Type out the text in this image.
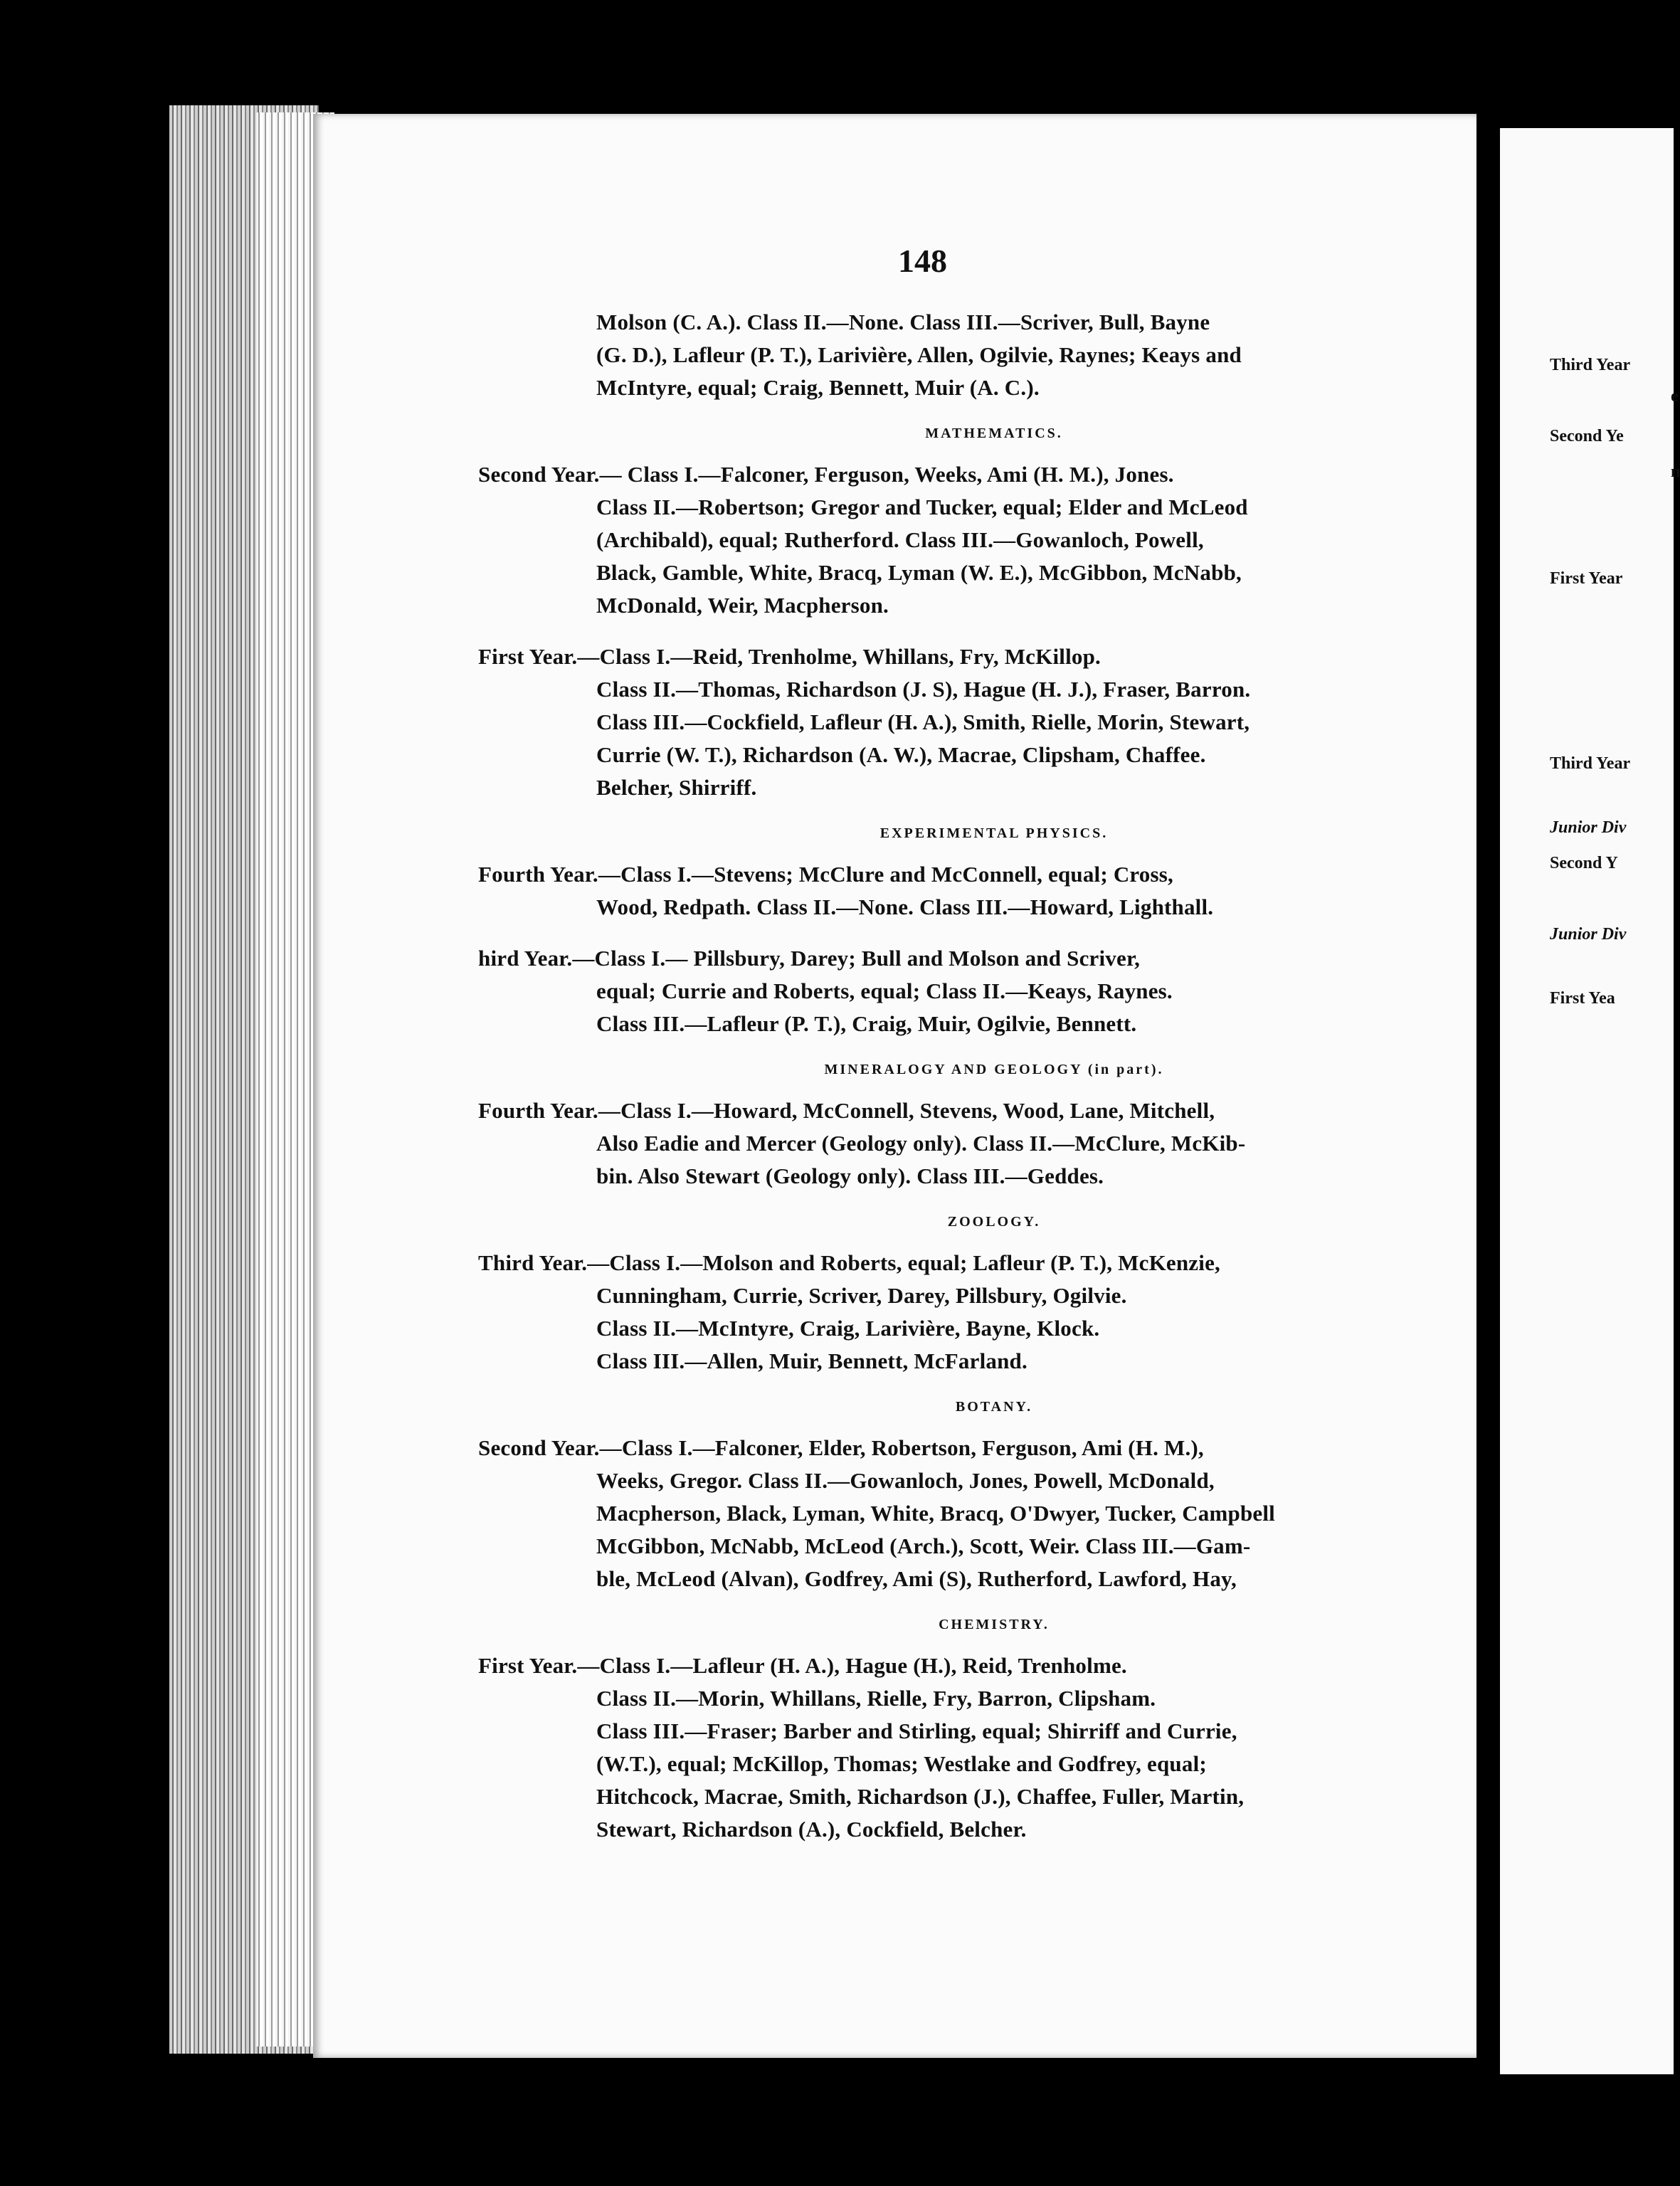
148
Molson (C. A.). Class II.—None. Class III.—Scriver, Bull, Bayne
(G. D.), Lafleur (P. T.), Larivière, Allen, Ogilvie, Raynes; Keays and
McIntyre, equal; Craig, Bennett, Muir (A. C.).
MATHEMATICS.
Second Year.— Class I.—Falconer, Ferguson, Weeks, Ami (H. M.), Jones.
Class II.—Robertson; Gregor and Tucker, equal; Elder and McLeod
(Archibald), equal; Rutherford. Class III.—Gowanloch, Powell,
Black, Gamble, White, Bracq, Lyman (W. E.), McGibbon, McNabb,
McDonald, Weir, Macpherson.
First Year.—Class I.—Reid, Trenholme, Whillans, Fry, McKillop.
Class II.—Thomas, Richardson (J. S), Hague (H. J.), Fraser, Barron.
Class III.—Cockfield, Lafleur (H. A.), Smith, Rielle, Morin, Stewart,
Currie (W. T.), Richardson (A. W.), Macrae, Clipsham, Chaffee.
Belcher, Shirriff.
EXPERIMENTAL PHYSICS.
Fourth Year.—Class I.—Stevens; McClure and McConnell, equal; Cross,
Wood, Redpath. Class II.—None. Class III.—Howard, Lighthall.
hird Year.—Class I.— Pillsbury, Darey; Bull and Molson and Scriver,
equal; Currie and Roberts, equal; Class II.—Keays, Raynes.
Class III.—Lafleur (P. T.), Craig, Muir, Ogilvie, Bennett.
MINERALOGY AND GEOLOGY (in part).
Fourth Year.—Class I.—Howard, McConnell, Stevens, Wood, Lane, Mitchell,
Also Eadie and Mercer (Geology only). Class II.—McClure, McKib-
bin. Also Stewart (Geology only). Class III.—Geddes.
ZOOLOGY.
Third Year.—Class I.—Molson and Roberts, equal; Lafleur (P. T.), McKenzie,
Cunningham, Currie, Scriver, Darey, Pillsbury, Ogilvie.
Class II.—McIntyre, Craig, Larivière, Bayne, Klock.
Class III.—Allen, Muir, Bennett, McFarland.
BOTANY.
Second Year.—Class I.—Falconer, Elder, Robertson, Ferguson, Ami (H. M.),
Weeks, Gregor. Class II.—Gowanloch, Jones, Powell, McDonald,
Macpherson, Black, Lyman, White, Bracq, O'Dwyer, Tucker, Campbell
McGibbon, McNabb, McLeod (Arch.), Scott, Weir. Class III.—Gam-
ble, McLeod (Alvan), Godfrey, Ami (S), Rutherford, Lawford, Hay,
CHEMISTRY.
First Year.—Class I.—Lafleur (H. A.), Hague (H.), Reid, Trenholme.
Class II.—Morin, Whillans, Rielle, Fry, Barron, Clipsham.
Class III.—Fraser; Barber and Stirling, equal; Shirriff and Currie,
(W.T.), equal; McKillop, Thomas; Westlake and Godfrey, equal;
Hitchcock, Macrae, Smith, Richardson (J.), Chaffee, Fuller, Martin,
Stewart, Richardson (A.), Cockfield, Belcher.
Third Year
e
Second Ye
n
First Year
Third Year
Junior Div
Second Y
Junior Div
First Yea
